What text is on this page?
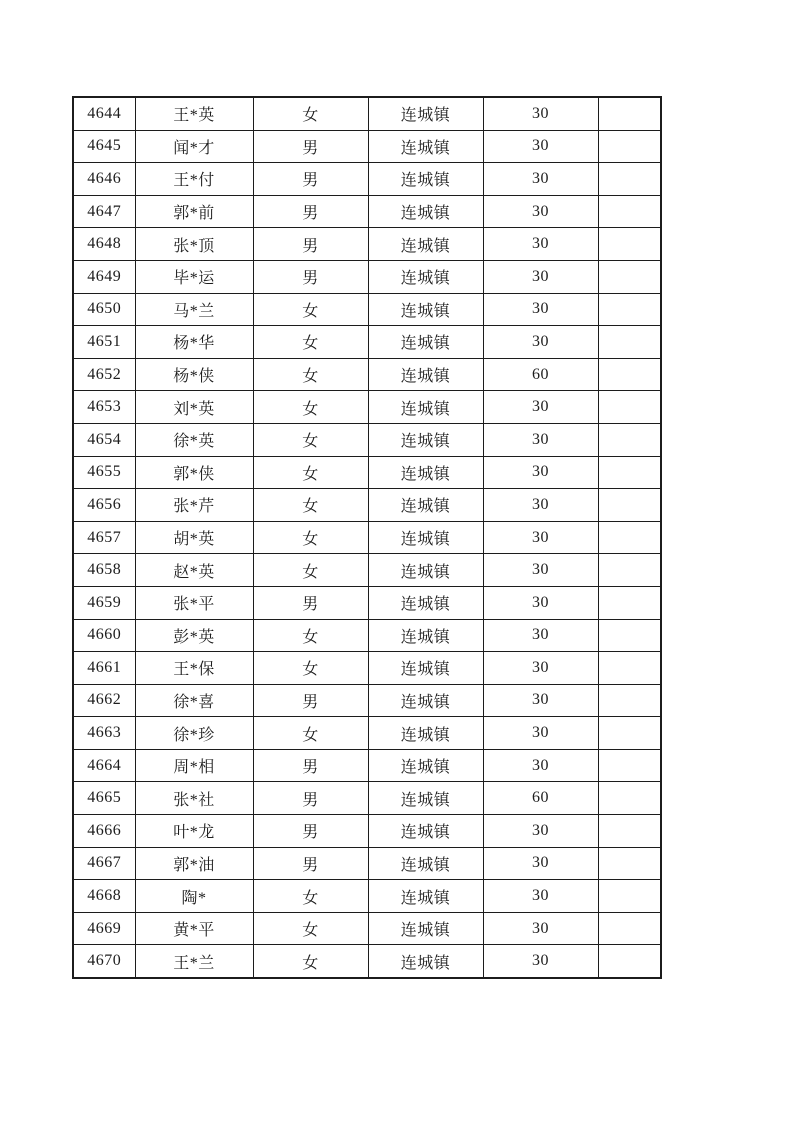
4644	王*英	女	连城镇	30	
4645	闻*才	男	连城镇	30	
4646	王*付	男	连城镇	30	
4647	郭*前	男	连城镇	30	
4648	张*顶	男	连城镇	30	
4649	毕*运	男	连城镇	30	
4650	马*兰	女	连城镇	30	
4651	杨*华	女	连城镇	30	
4652	杨*侠	女	连城镇	60	
4653	刘*英	女	连城镇	30	
4654	徐*英	女	连城镇	30	
4655	郭*侠	女	连城镇	30	
4656	张*芹	女	连城镇	30	
4657	胡*英	女	连城镇	30	
4658	赵*英	女	连城镇	30	
4659	张*平	男	连城镇	30	
4660	彭*英	女	连城镇	30	
4661	王*保	女	连城镇	30	
4662	徐*喜	男	连城镇	30	
4663	徐*珍	女	连城镇	30	
4664	周*相	男	连城镇	30	
4665	张*社	男	连城镇	60	
4666	叶*龙	男	连城镇	30	
4667	郭*油	男	连城镇	30	
4668	陶*	女	连城镇	30	
4669	黄*平	女	连城镇	30	
4670	王*兰	女	连城镇	30	
